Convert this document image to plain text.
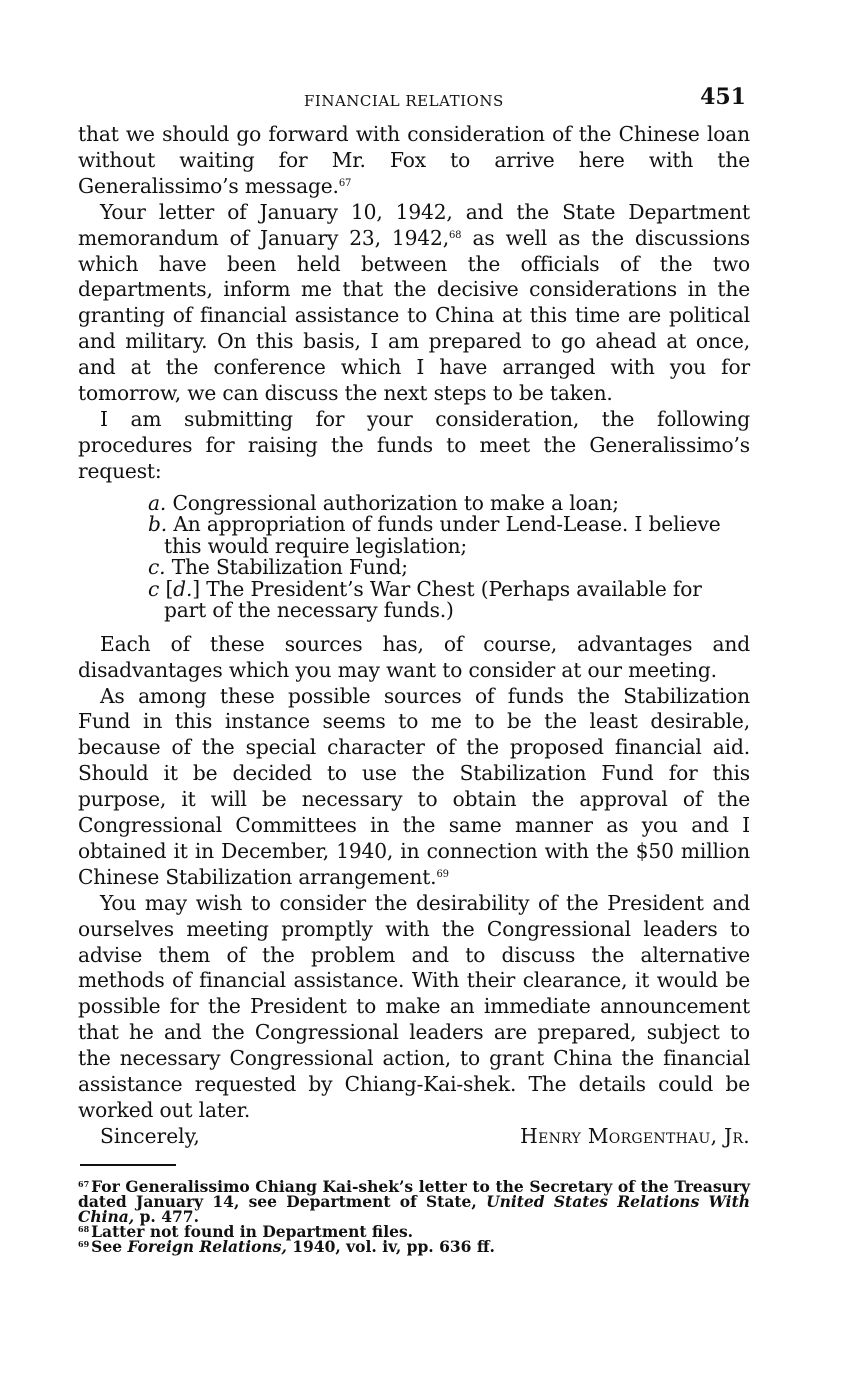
FINANCIAL RELATIONS	451

that we should go forward with consideration of the Chinese loan without waiting for Mr. Fox to arrive here with the Generalissimo’s message.$^{67}$

Your letter of January 10, 1942, and the State Department memorandum of January 23, 1942,68 as well as the discussions which have been held between the officials of the two departments, inform me that the decisive considerations in the granting of financial assistance to China at this time are political and military. On this basis, I am prepared to go ahead at once, and at the conference which I have arranged with you for tomorrow, we can discuss the next steps to be taken.

I am submitting for your consideration, the following procedures for raising the funds to meet the Generalissimo’s request:

a. Congressional authorization to make a loan;
b. An appropriation of funds under Lend-Lease. I believe this would require legislation;
c. The Stabilization Fund;
c [d.] The President’s War Chest (Perhaps available for part of the necessary funds.)

Each of these sources has, of course, advantages and disadvantages which you may want to consider at our meeting.

As among these possible sources of funds the Stabilization Fund in this instance seems to me to be the least desirable, because of the special character of the proposed financial aid. Should it be decided to use the Stabilization Fund for this purpose, it will be necessary to obtain the approval of the Congressional Committees in the same manner as you and I obtained it in December, 1940, in connection with the $50 million Chinese Stabilization arrangement.$^{69}$

You may wish to consider the desirability of the President and ourselves meeting promptly with the Congressional leaders to advise them of the problem and to discuss the alternative methods of financial assistance. With their clearance, it would be possible for the President to make an immediate announcement that he and the Congressional leaders are prepared, subject to the necessary Congressional action, to grant China the financial assistance requested by Chiang-Kai-shek. The details could be worked out later.

Sincerely,	Henry Morgenthau, Jr.

$^{67}$ For Generalissimo Chiang Kai-shek’s letter to the Secretary of the Treasury dated January 14, see Department of State, United States Relations With China, p. 477.

$^{68}$ Latter not found in Department files.

$^{69}$ See Foreign Relations, 1940, vol. iv, pp. 636 ff.
